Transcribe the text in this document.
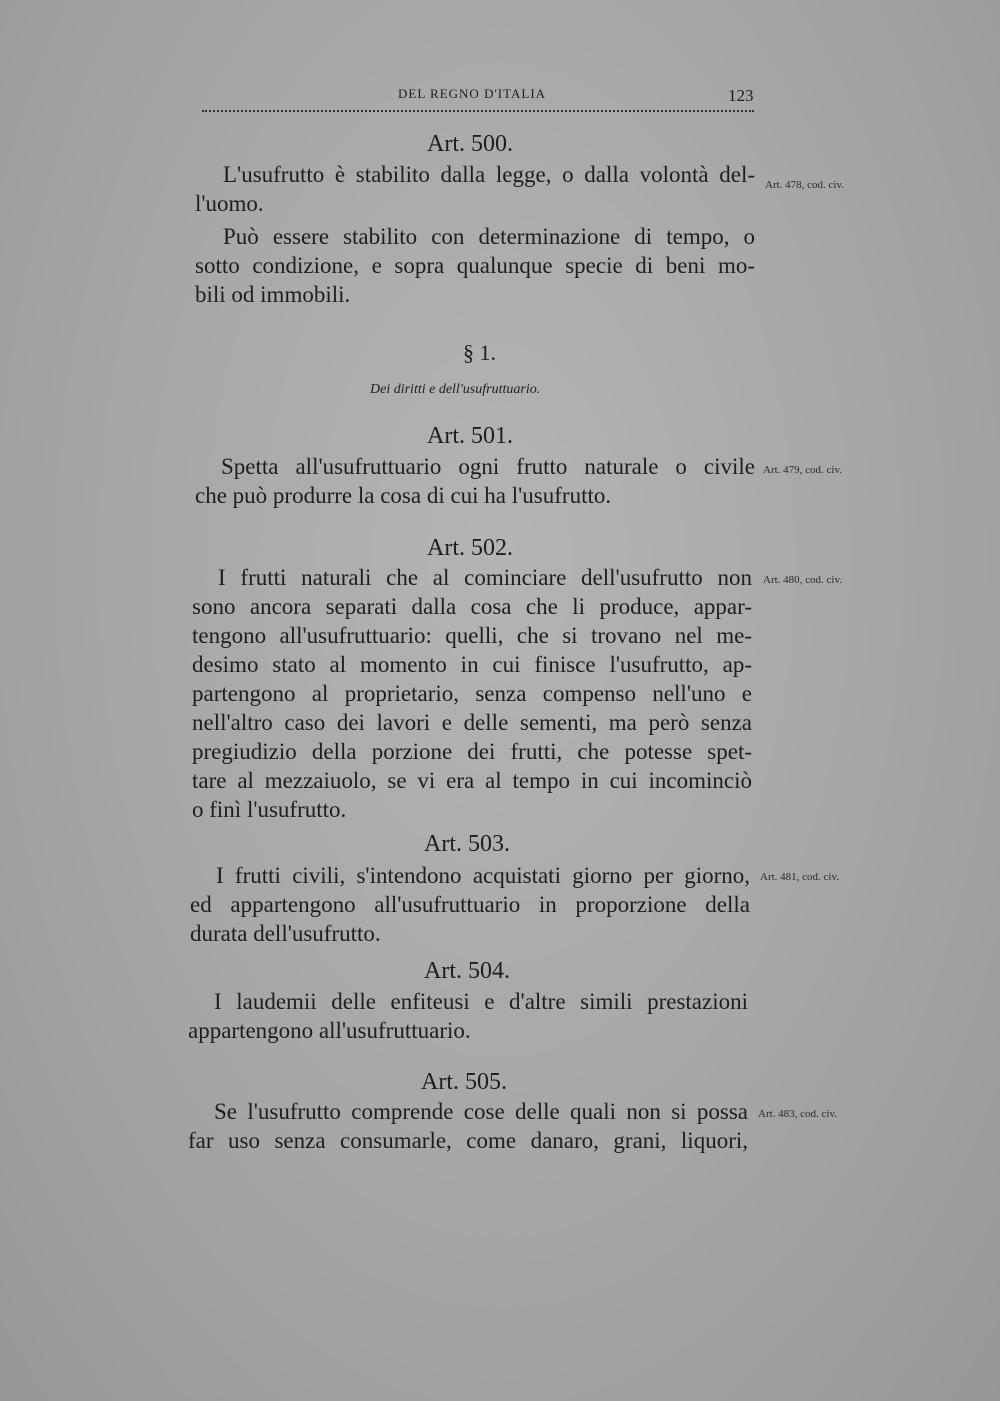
DEL REGNO D'ITALIA	123
Art. 500.
Art. 478, cod. civ.
L'usufrutto è stabilito dalla legge, o dalla volontà del-
l'uomo.
Può essere stabilito con determinazione di tempo, o
sotto condizione, e sopra qualunque specie di beni mo-
bili od immobili.
§ 1.
Dei diritti e dell'usufruttuario.
Art. 501.
Art. 479, cod. civ.
Spetta all'usufruttuario ogni frutto naturale o civile
che può produrre la cosa di cui ha l'usufrutto.
Art. 502.
Art. 480, cod. civ.
I frutti naturali che al cominciare dell'usufrutto non
sono ancora separati dalla cosa che li produce, appar-
tengono all'usufruttuario: quelli, che si trovano nel me-
desimo stato al momento in cui finisce l'usufrutto, ap-
partengono al proprietario, senza compenso nell'uno e
nell'altro caso dei lavori e delle sementi, ma però senza
pregiudizio della porzione dei frutti, che potesse spet-
tare al mezzaiuolo, se vi era al tempo in cui incominciò
o finì l'usufrutto.
Art. 503.
Art. 481, cod. civ.
I frutti civili, s'intendono acquistati giorno per giorno,
ed appartengono all'usufruttuario in proporzione della
durata dell'usufrutto.
Art. 504.
I laudemii delle enfiteusi e d'altre simili prestazioni
appartengono all'usufruttuario.
Art. 505.
Art. 483, cod. civ.
Se l'usufrutto comprende cose delle quali non si possa
far uso senza consumarle, come danaro, grani, liquori,
